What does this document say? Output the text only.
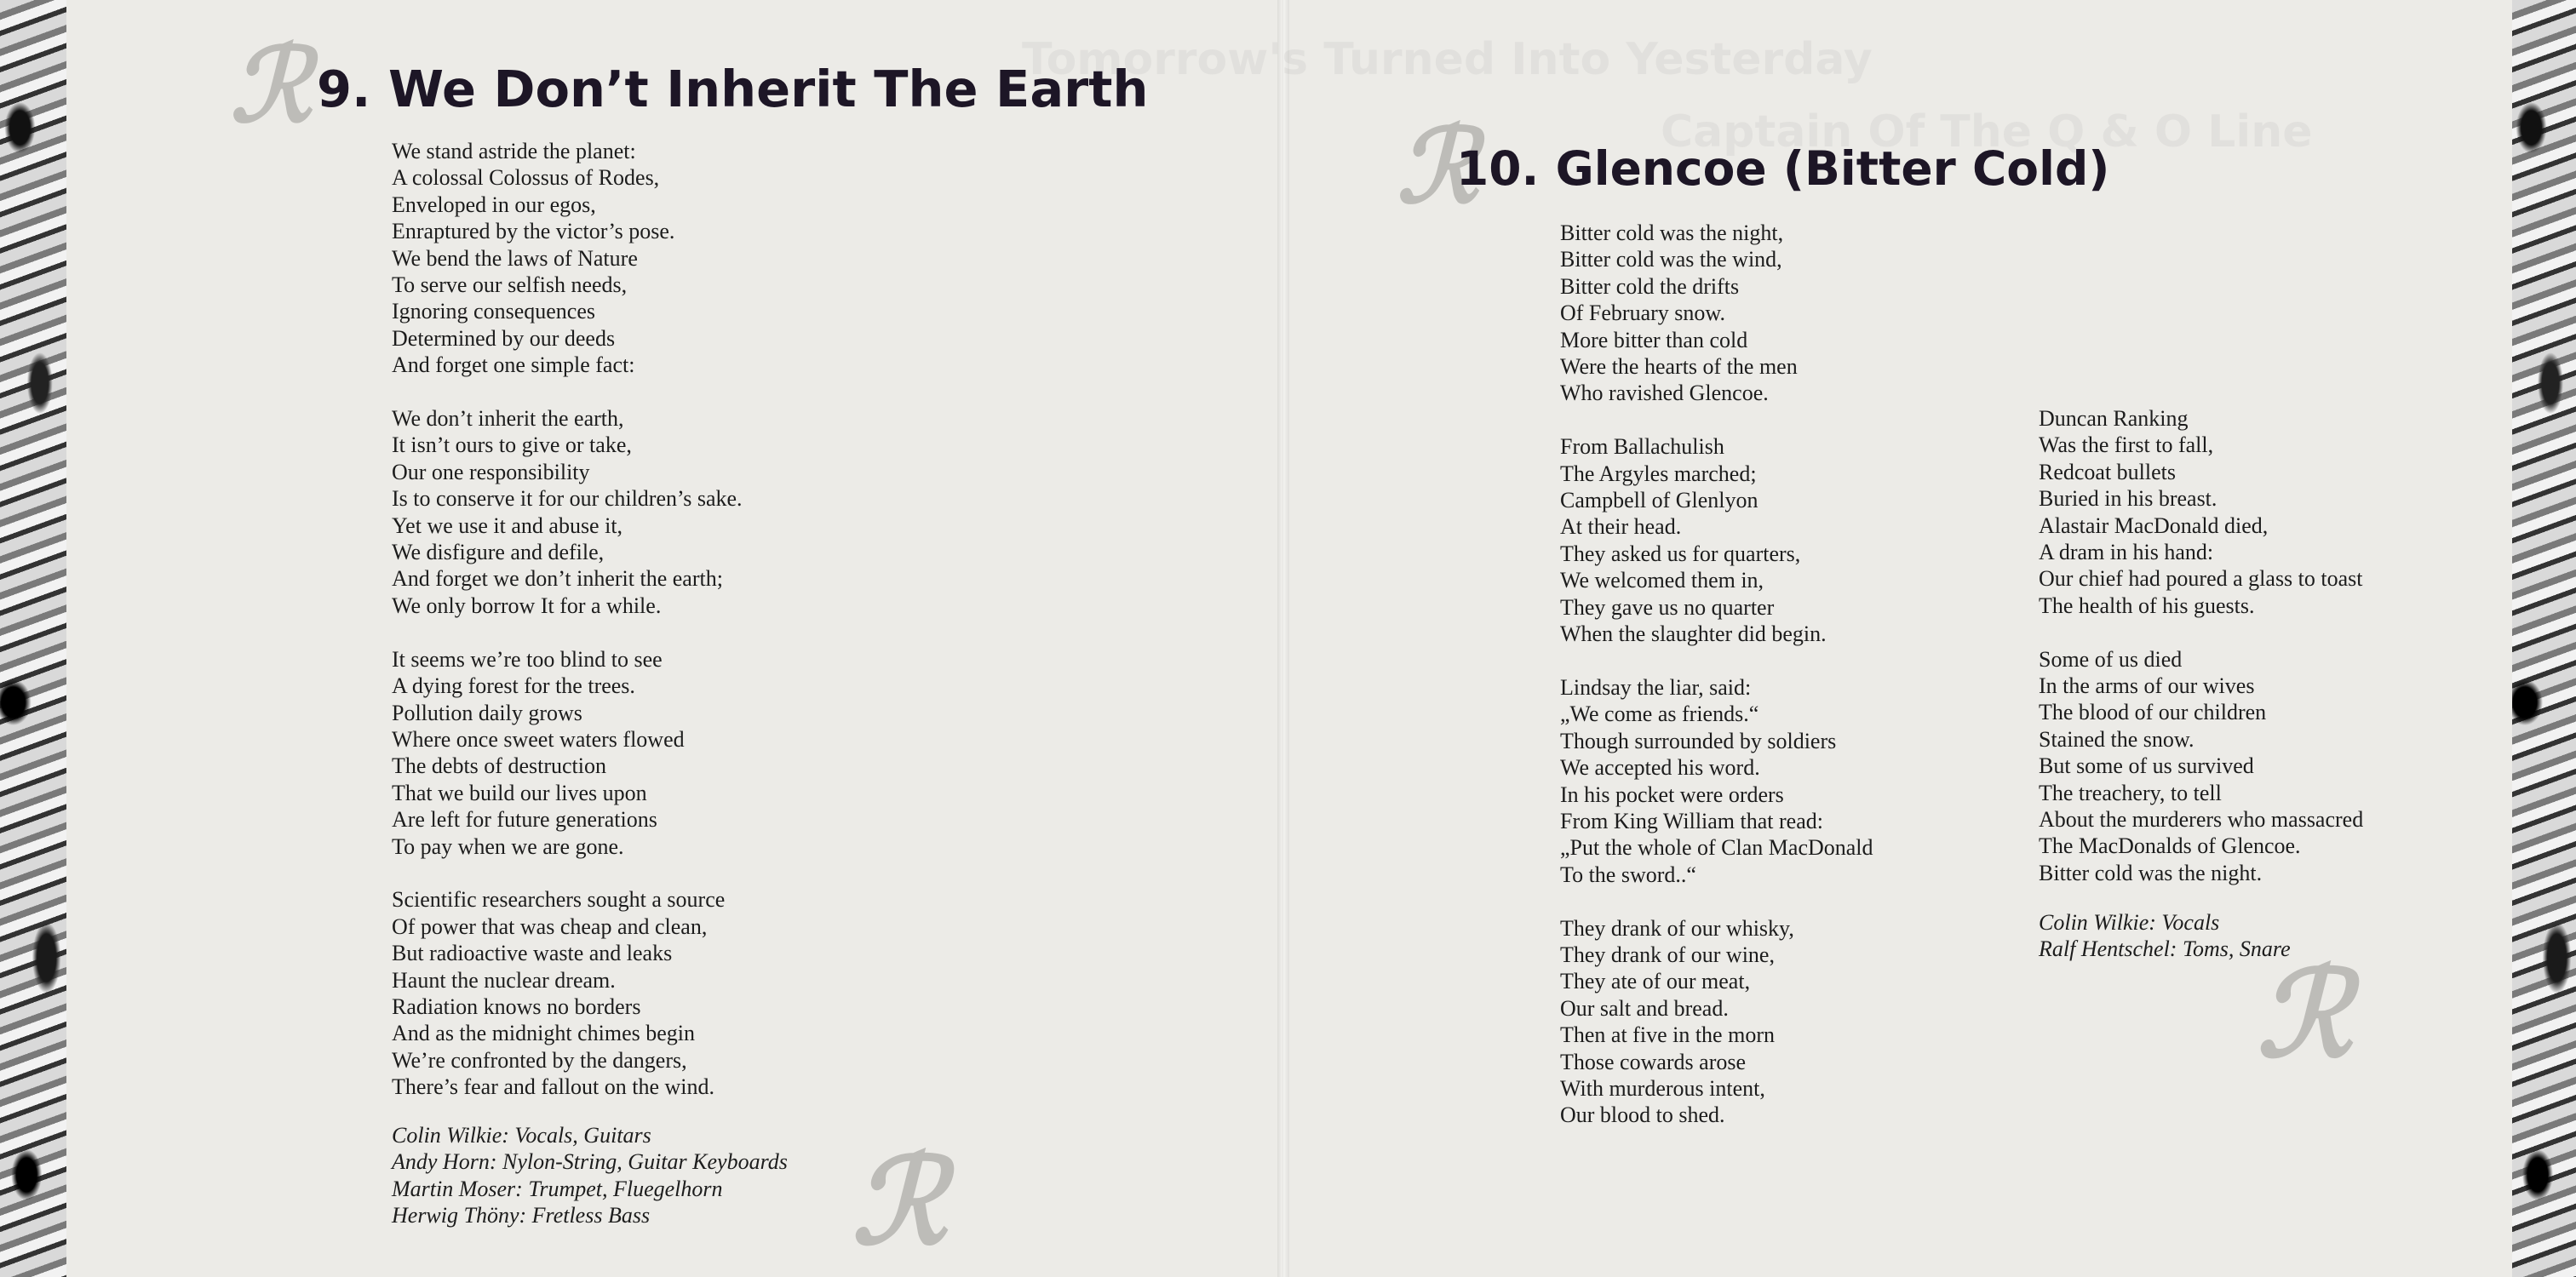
ℛ 9. We Don’t Inherit The Earth
We stand astride the planet:
A colossal Colossus of Rodes,
Enveloped in our egos,
Enraptured by the victor’s pose.
We bend the laws of Nature
To serve our selfish needs,
Ignoring consequences
Determined by our deeds
And forget one simple fact:
We don’t inherit the earth,
It isn’t ours to give or take,
Our one responsibility
Is to conserve it for our children’s sake.
Yet we use it and abuse it,
We disfigure and defile,
And forget we don’t inherit the earth;
We only borrow It for a while.
It seems we’re too blind to see
A dying forest for the trees.
Pollution daily grows
Where once sweet waters flowed
The debts of destruction
That we build our lives upon
Are left for future generations
To pay when we are gone.
Scientific researchers sought a source
Of power that was cheap and clean,
But radioactive waste and leaks
Haunt the nuclear dream.
Radiation knows no borders
And as the midnight chimes begin
We’re confronted by the dangers,
There’s fear and fallout on the wind.
Colin Wilkie: Vocals, Guitars
Andy Horn: Nylon-String, Guitar Keyboards
Martin Moser: Trumpet, Fluegelhorn
Herwig Thöny: Fretless Bass	ℛ
ℛ
10. Glencoe (Bitter Cold)
Bitter cold was the night,
Bitter cold was the wind,
Bitter cold the drifts
Of February snow.
More bitter than cold
Were the hearts of the men
Who ravished Glencoe.
From Ballachulish
The Argyles marched;
Campbell of Glenlyon
At their head.
They asked us for quarters,
We welcomed them in,
They gave us no quarter
When the slaughter did begin.
Lindsay the liar, said:
„We come as friends.“
Though surrounded by soldiers
We accepted his word.
In his pocket were orders
From King William that read:
„Put the whole of Clan MacDonald
To the sword..“
They drank of our whisky,
They drank of our wine,
They ate of our meat,
Our salt and bread.
Then at five in the morn
Those cowards arose
With murderous intent,
Our blood to shed.
Duncan Ranking
Was the first to fall,
Redcoat bullets
Buried in his breast.
Alastair MacDonald died,
A dram in his hand:
Our chief had poured a glass to toast
The health of his guests.
Some of us died
In the arms of our wives
The blood of our children
Stained the snow.
But some of us survived
The treachery, to tell
About the murderers who massacred
The MacDonalds of Glencoe.
Bitter cold was the night.
Colin Wilkie: Vocals
Ralf Hentschel: Toms, Snare
ℛ
